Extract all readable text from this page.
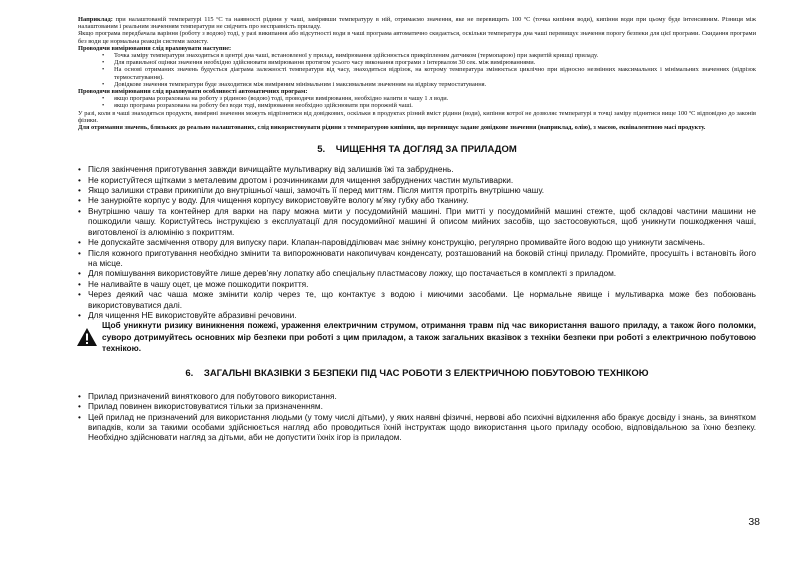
Наприклад: при налаштованій температурі 115 ºС та наявності рідини у чаші, замірявши температуру в ній, отримаємо значення, яке не перевищить 100 ºС (точка кипіння води), кипіння води при цьому буде інтенсивним. Різниця між налаштованим і реальним значенням температури не свідчить про несправність приладу.

Якщо програма передбачала варіння (роботу з водою) тоді, у разі википання або відсутності води в чаші програма автоматично скидається, оскільки температура дна чаші перевищує значення порогу безпеки для цієї програми. Скидання програми без води це нормальна реакція системи захисту.

Проводячи вимірювання слід враховувати наступне:

• Точка заміру температури знаходиться в центрі дна чаші, встановленої у прилад, вимірювання здійснюється прикріпленим датчиком (термопарою) при закритій кришці приладу.
• Для правильної оцінки значення необхідно здійснювати вимірювання протягом усього часу виконання програми з інтервалом 30 сек. між вимірюваннями.
• На основі отриманих значень будується діаграма залежності температури від часу, знаходиться відрізок, на котрому температура змінюється циклічно при відносно незмінних максимальних і мінімальних значеннях (відрізок термостатування).
• Довідкове значення температури буде знаходитися між виміряним мінімальним і максимальним значенням на відрізку термостатування.

Проводячи вимірювання слід враховувати особливості автоматичних програм:

• якщо програма розрахована на роботу з рідиною (водою) тоді, проводячи вимірювання, необхідно налити в чашу 1 л води.
• якщо програма розрахована на роботу без води тоді, вимірювання необхідно здійснювати при порожній чаші.

У разі, коли в чаші знаходяться продукти, виміряні значення можуть відрізнятися від довідкових, оскільки в продуктах різний вміст рідини (води), кипіння котрої не дозволяє температурі в точці заміру піднятися вище 100 ºС відповідно до законів фізики.

Для отримання значень, близьких до реально налаштованих, слід використовувати рідини з температурою кипіння, що перевищує задане довідкове значення (наприклад, олію), з масою, еквівалентною масі продукту.

5.    ЧИЩЕННЯ ТА ДОГЛЯД ЗА ПРИЛАДОМ

• Після закінчення приготування завжди вичищайте мультиварку від залишків їжі та забруднень.
• Не користуйтеся щітками з металевим дротом і розчинниками для чищення забруднених частин мультиварки.
• Якщо залишки страви прикипіли до внутрішньої чаші, замочіть її перед миттям. Після миття протріть внутрішню чашу.
• Не занурюйте корпус у воду. Для чищення корпусу використовуйте вологу м’яку губку або тканину.
• Внутрішню чашу та контейнер для варки на пару можна мити у посудомийній машині. При митті у посудомийній машині стежте, щоб складові частини машини не пошкодили чашу. Користуйтесь інструкцією з експлуатації для посудомийної машині й описом мийних засобів, що застосовуються, щоб уникнути пошкодження чаші, виготовленої із алюмінію з покриттям.
• Не допускайте засмічення отвору для випуску пари. Клапан-паровідділювач має знімну конструкцію, регулярно промивайте його водою що уникнути засмічень.
• Після кожного приготування необхідно змінити та випорожнювати накопичувач конденсату, розташований на боковій стінці приладу. Промийте, просушіть і встановіть його на місце.
• Для помішування використовуйте лише дерев’яну лопатку або спеціальну пластмасову ложку, що постачається в комплекті з приладом.
• Не наливайте в чашу оцет, це може пошкодити покриття.
• Через деякий час чаша може змінити колір через те, що контактує з водою і миючими засобами. Це нормальне явище і мультиварка може без побоювань використовуватися далі.
• Для чищення НЕ використовуйте абразивні речовини.
Щоб уникнути ризику виникнення пожежі, ураження електричним струмом, отримання травм під час використання вашого приладу, а також його поломки, суворо дотримуйтесь основних мір безпеки при роботі з цим приладом, а також загальних вказівок з техніки безпеки при роботі з електричною побутовою технікою.

6.    ЗАГАЛЬНІ ВКАЗІВКИ З БЕЗПЕКИ ПІД ЧАС РОБОТИ З ЕЛЕКТРИЧНОЮ ПОБУТОВОЮ ТЕХНІКОЮ

• Прилад призначений виняткового для побутового використання.
• Прилад повинен використовуватися тільки за призначенням.
• Цей прилад не призначений для використання людьми (у тому числі дітьми), у яких наявні фізичні, нервові або психічні відхилення або бракує досвіду і знань, за винятком випадків, коли за такими особами здійснюється нагляд або проводиться їхній інструктаж щодо використання цього приладу особою, відповідальною за їхню безпеку. Необхідно здійснювати нагляд за дітьми, аби не допустити їхніх ігор із приладом.
38
